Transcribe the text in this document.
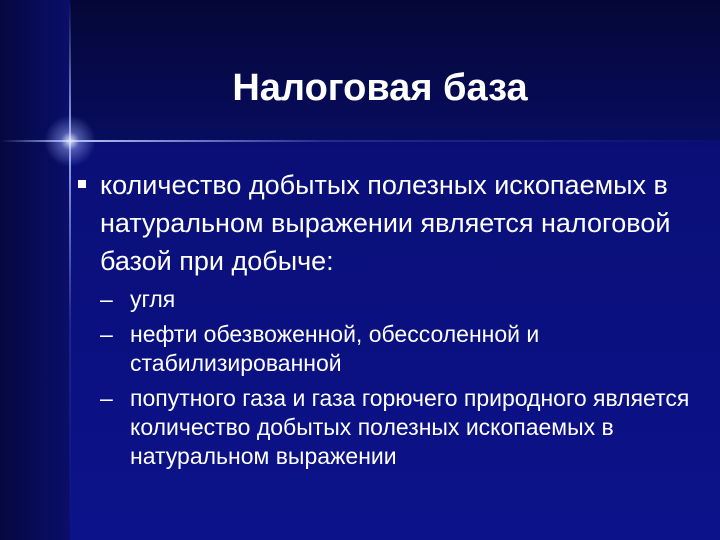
Налоговая база
количество добытых полезных ископаемых в натуральном выражении является налоговой базой при добыче:
– угля
– нефти обезвоженной, обессоленной и стабилизированной
– попутного газа и газа горючего природного является количество добытых полезных ископаемых в натуральном выражении
